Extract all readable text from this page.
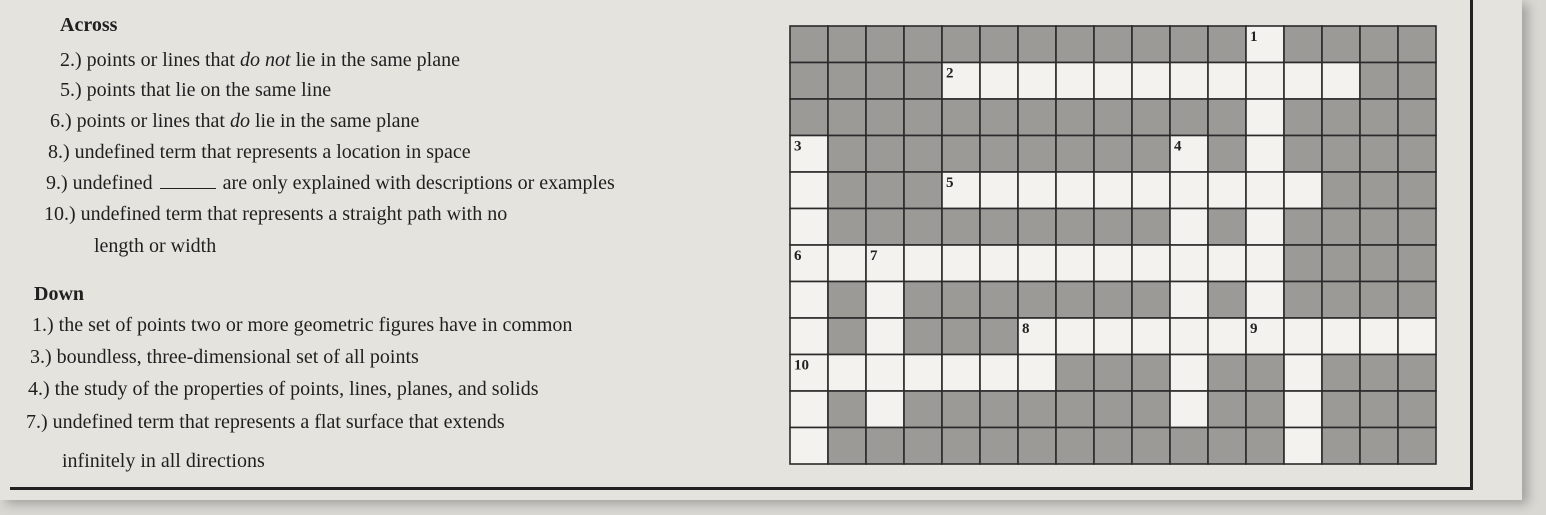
Across
2.) points or lines that do not lie in the same plane
5.) points that lie on the same line
6.) points or lines that do lie in the same plane
8.) undefined term that represents a location in space
9.) undefined	are only explained with descriptions or examples
10.) undefined term that represents a straight path with no
length or width
Down
1.) the set of points two or more geometric figures have in common
3.) boundless, three-dimensional set of all points
4.) the study of the properties of points, lines, planes, and solids
7.) undefined term that represents a flat surface that extends
infinitely in all directions
1
2
3	4
5
6	7
8	9
10
